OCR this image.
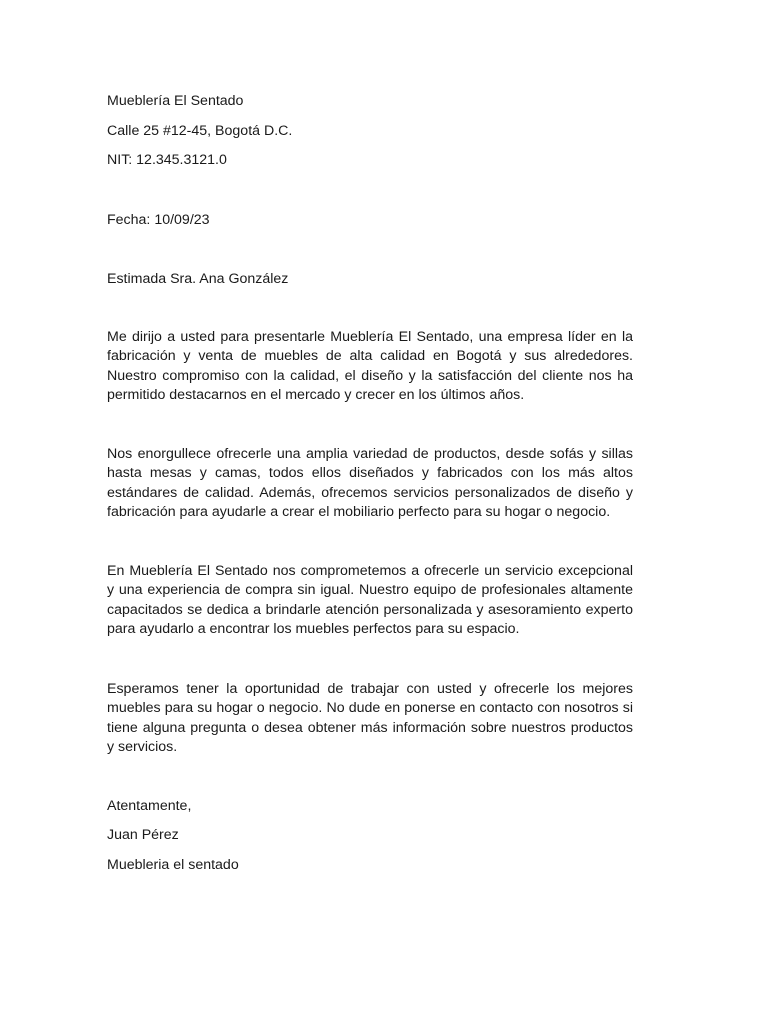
Mueblería El Sentado
Calle 25 #12-45, Bogotá D.C.
NIT: 12.345.3121.0
Fecha: 10/09/23
Estimada Sra. Ana González

Me dirijo a usted para presentarle Mueblería El Sentado, una empresa líder en la fabricación y venta de muebles de alta calidad en Bogotá y sus alrededores. Nuestro compromiso con la calidad, el diseño y la satisfacción del cliente nos ha permitido destacarnos en el mercado y crecer en los últimos años.

Nos enorgullece ofrecerle una amplia variedad de productos, desde sofás y sillas hasta mesas y camas, todos ellos diseñados y fabricados con los más altos estándares de calidad. Además, ofrecemos servicios personalizados de diseño y fabricación para ayudarle a crear el mobiliario perfecto para su hogar o negocio.

En Mueblería El Sentado nos comprometemos a ofrecerle un servicio excepcional y una experiencia de compra sin igual. Nuestro equipo de profesionales altamente capacitados se dedica a brindarle atención personalizada y asesoramiento experto para ayudarlo a encontrar los muebles perfectos para su espacio.

Esperamos tener la oportunidad de trabajar con usted y ofrecerle los mejores muebles para su hogar o negocio. No dude en ponerse en contacto con nosotros si tiene alguna pregunta o desea obtener más información sobre nuestros productos y servicios.

Atentamente,
Juan Pérez
Muebleria el sentado
